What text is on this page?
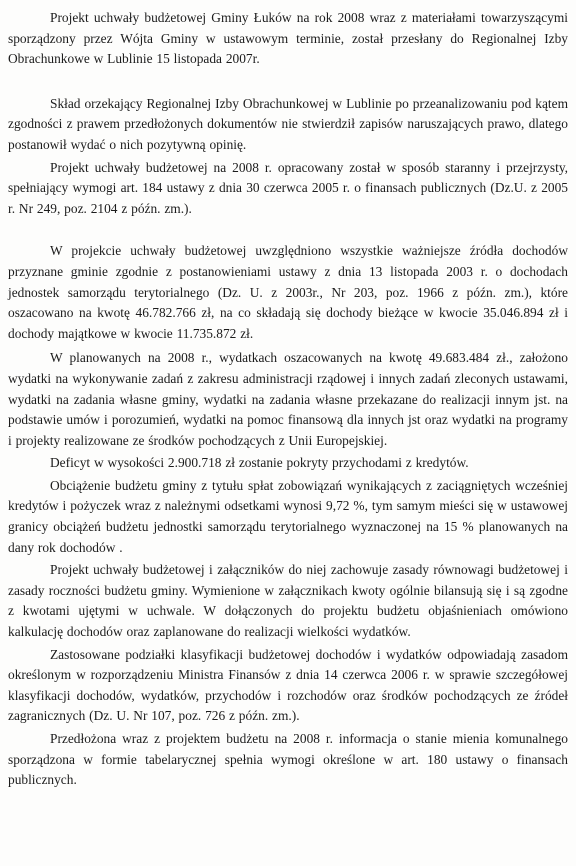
Projekt uchwały budżetowej Gminy Łuków na rok 2008 wraz z materiałami towarzyszącymi sporządzony przez Wójta Gminy w ustawowym terminie, został przesłany do Regionalnej Izby Obrachunkowe w Lublinie 15 listopada 2007r.

Skład orzekający Regionalnej Izby Obrachunkowej w Lublinie po przeanalizowaniu pod kątem zgodności z prawem przedłożonych dokumentów nie stwierdził zapisów naruszających prawo, dlatego postanowił wydać o nich pozytywną opinię.

Projekt uchwały budżetowej na 2008 r. opracowany został w sposób staranny i przejrzysty, spełniający wymogi art. 184 ustawy z dnia 30 czerwca 2005 r. o finansach publicznych (Dz.U. z 2005 r. Nr 249, poz. 2104 z późn. zm.).

W projekcie uchwały budżetowej uwzględniono wszystkie ważniejsze źródła dochodów przyznane gminie zgodnie z postanowieniami ustawy z dnia 13 listopada 2003 r. o dochodach jednostek samorządu terytorialnego (Dz. U. z 2003r., Nr 203, poz. 1966 z późn. zm.), które oszacowano na kwotę 46.782.766 zł, na co składają się dochody bieżące w kwocie 35.046.894 zł i dochody majątkowe w kwocie 11.735.872 zł.

W planowanych na 2008 r., wydatkach oszacowanych na kwotę 49.683.484 zł., założono wydatki na wykonywanie zadań z zakresu administracji rządowej i innych zadań zleconych ustawami, wydatki na zadania własne gminy, wydatki na zadania własne przekazane do realizacji innym jst. na podstawie umów i porozumień, wydatki na pomoc finansową dla innych jst oraz wydatki na programy i projekty realizowane ze środków pochodzących z Unii Europejskiej.

Deficyt w wysokości 2.900.718 zł zostanie pokryty przychodami z kredytów.

Obciążenie budżetu gminy z tytułu spłat zobowiązań wynikających z zaciągniętych wcześniej kredytów i pożyczek wraz z należnymi odsetkami wynosi 9,72 %, tym samym mieści się w ustawowej granicy obciążeń budżetu jednostki samorządu terytorialnego wyznaczonej na 15 % planowanych na dany rok dochodów .

Projekt uchwały budżetowej i załączników do niej zachowuje zasady równowagi budżetowej i zasady roczności budżetu gminy. Wymienione w załącznikach kwoty ogólnie bilansują się i są zgodne z kwotami ujętymi w uchwale. W dołączonych do projektu budżetu objaśnieniach omówiono kalkulację dochodów oraz zaplanowane do realizacji wielkości wydatków.

Zastosowane podziałki klasyfikacji budżetowej dochodów i wydatków odpowiadają zasadom określonym w rozporządzeniu Ministra Finansów z dnia 14 czerwca 2006 r. w sprawie szczegółowej klasyfikacji dochodów, wydatków, przychodów i rozchodów oraz środków pochodzących ze źródeł zagranicznych (Dz. U. Nr 107, poz. 726 z późn. zm.).

Przedłożona wraz z projektem budżetu na 2008 r. informacja o stanie mienia komunalnego sporządzona w formie tabelarycznej spełnia wymogi określone w art. 180 ustawy o finansach publicznych.
